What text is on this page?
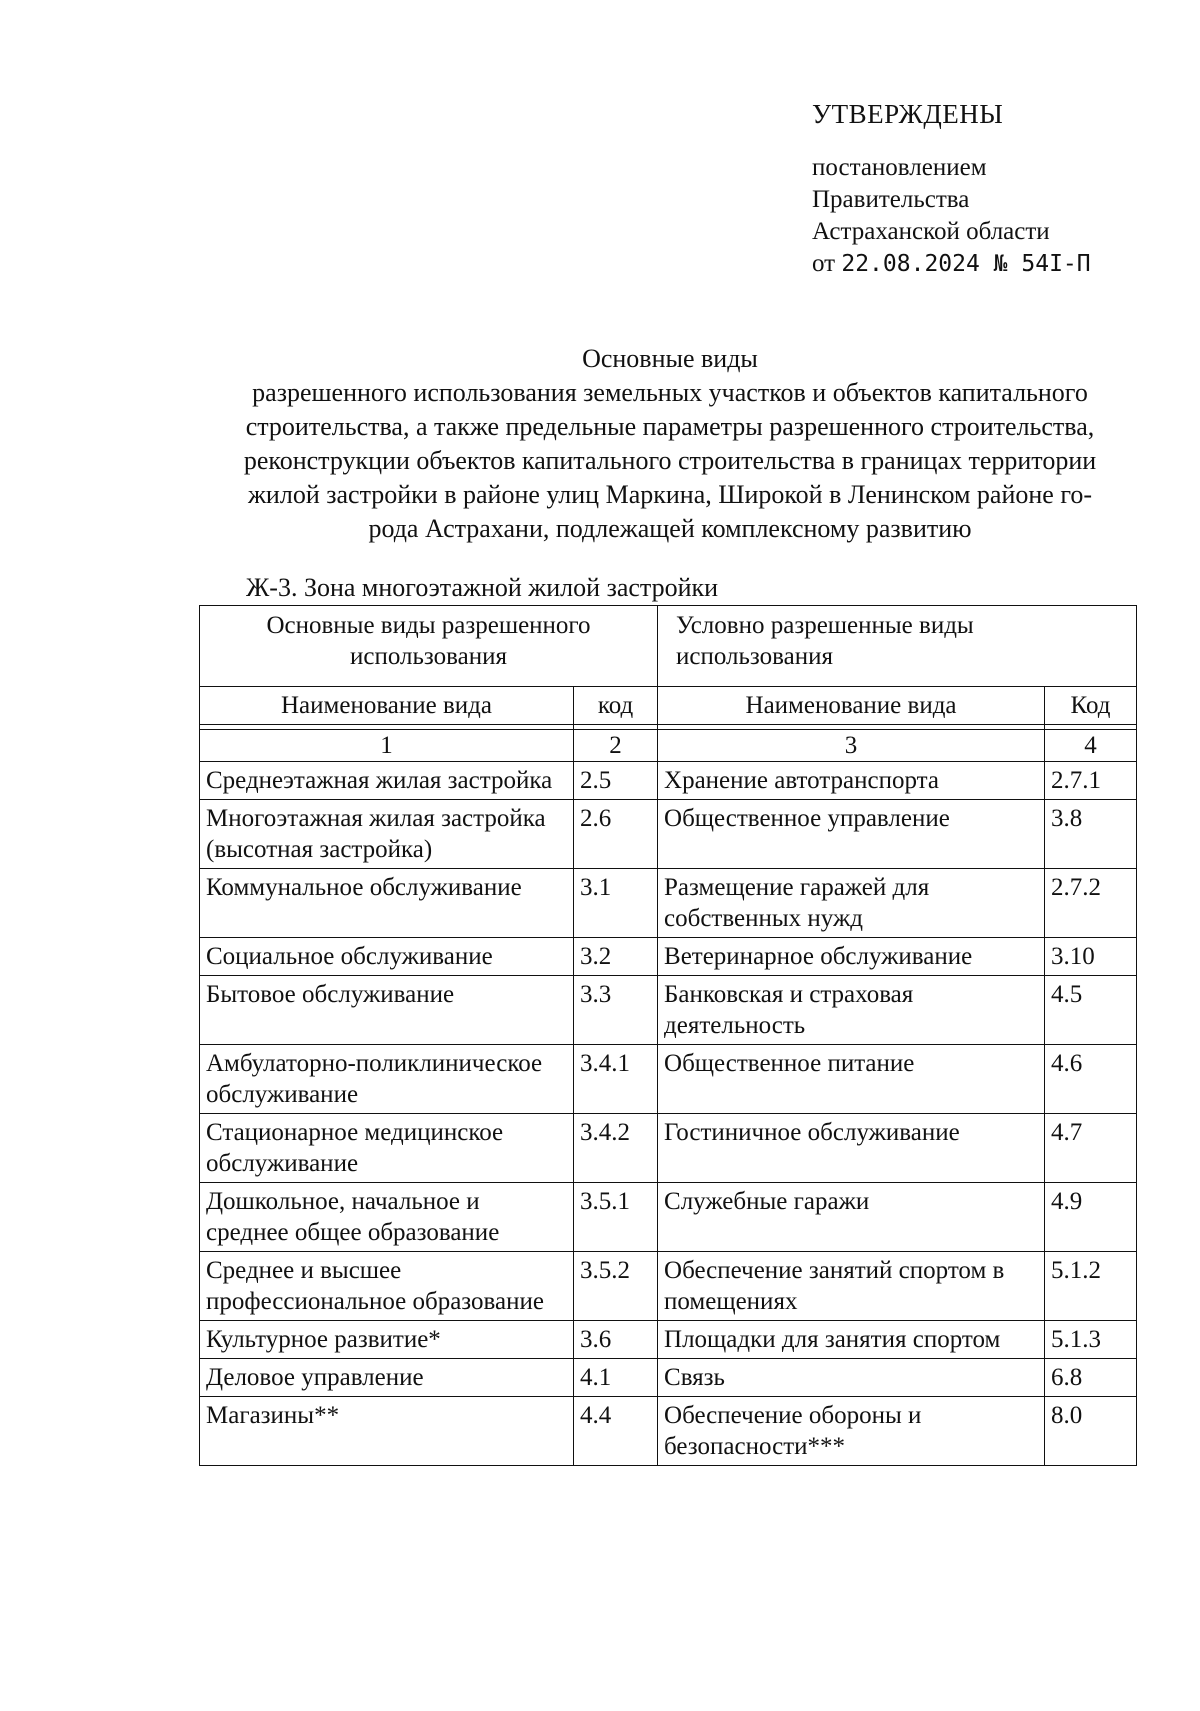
УТВЕРЖДЕНЫ
постановлением
Правительства
Астраханской области
от 22.08.2024 № 54I-П
Основные виды
разрешенного использования земельных участков и объектов капитального
строительства, а также предельные параметры разрешенного строительства,
реконструкции объектов капитального строительства в границах территории
жилой застройки в районе улиц Маркина, Широкой в Ленинском районе го-
рода Астрахани, подлежащей комплексному развитию
Ж-3. Зона многоэтажной жилой застройки
Основные виды разрешенного использования		Условно разрешенные виды использования	
Наименование вида	код	Наименование вида	Код

1	2	3	4
Среднеэтажная жилая застройка	2.5	Хранение автотранспорта	2.7.1
Многоэтажная жилая застройка (высотная застройка)	2.6	Общественное управление	3.8
Коммунальное обслуживание	3.1	Размещение гаражей для собственных нужд	2.7.2
Социальное обслуживание	3.2	Ветеринарное обслуживание	3.10
Бытовое обслуживание	3.3	Банковская и страховая деятельность	4.5
Амбулаторно-поликлиническое обслуживание	3.4.1	Общественное питание	4.6
Стационарное медицинское обслуживание	3.4.2	Гостиничное обслуживание	4.7
Дошкольное, начальное и среднее общее образование	3.5.1	Служебные гаражи	4.9
Среднее и высшее профессиональное образование	3.5.2	Обеспечение занятий спортом в помещениях	5.1.2
Культурное развитие*	3.6	Площадки для занятия спортом	5.1.3
Деловое управление	4.1	Связь	6.8
Магазины**	4.4	Обеспечение обороны и безопасности***	8.0
